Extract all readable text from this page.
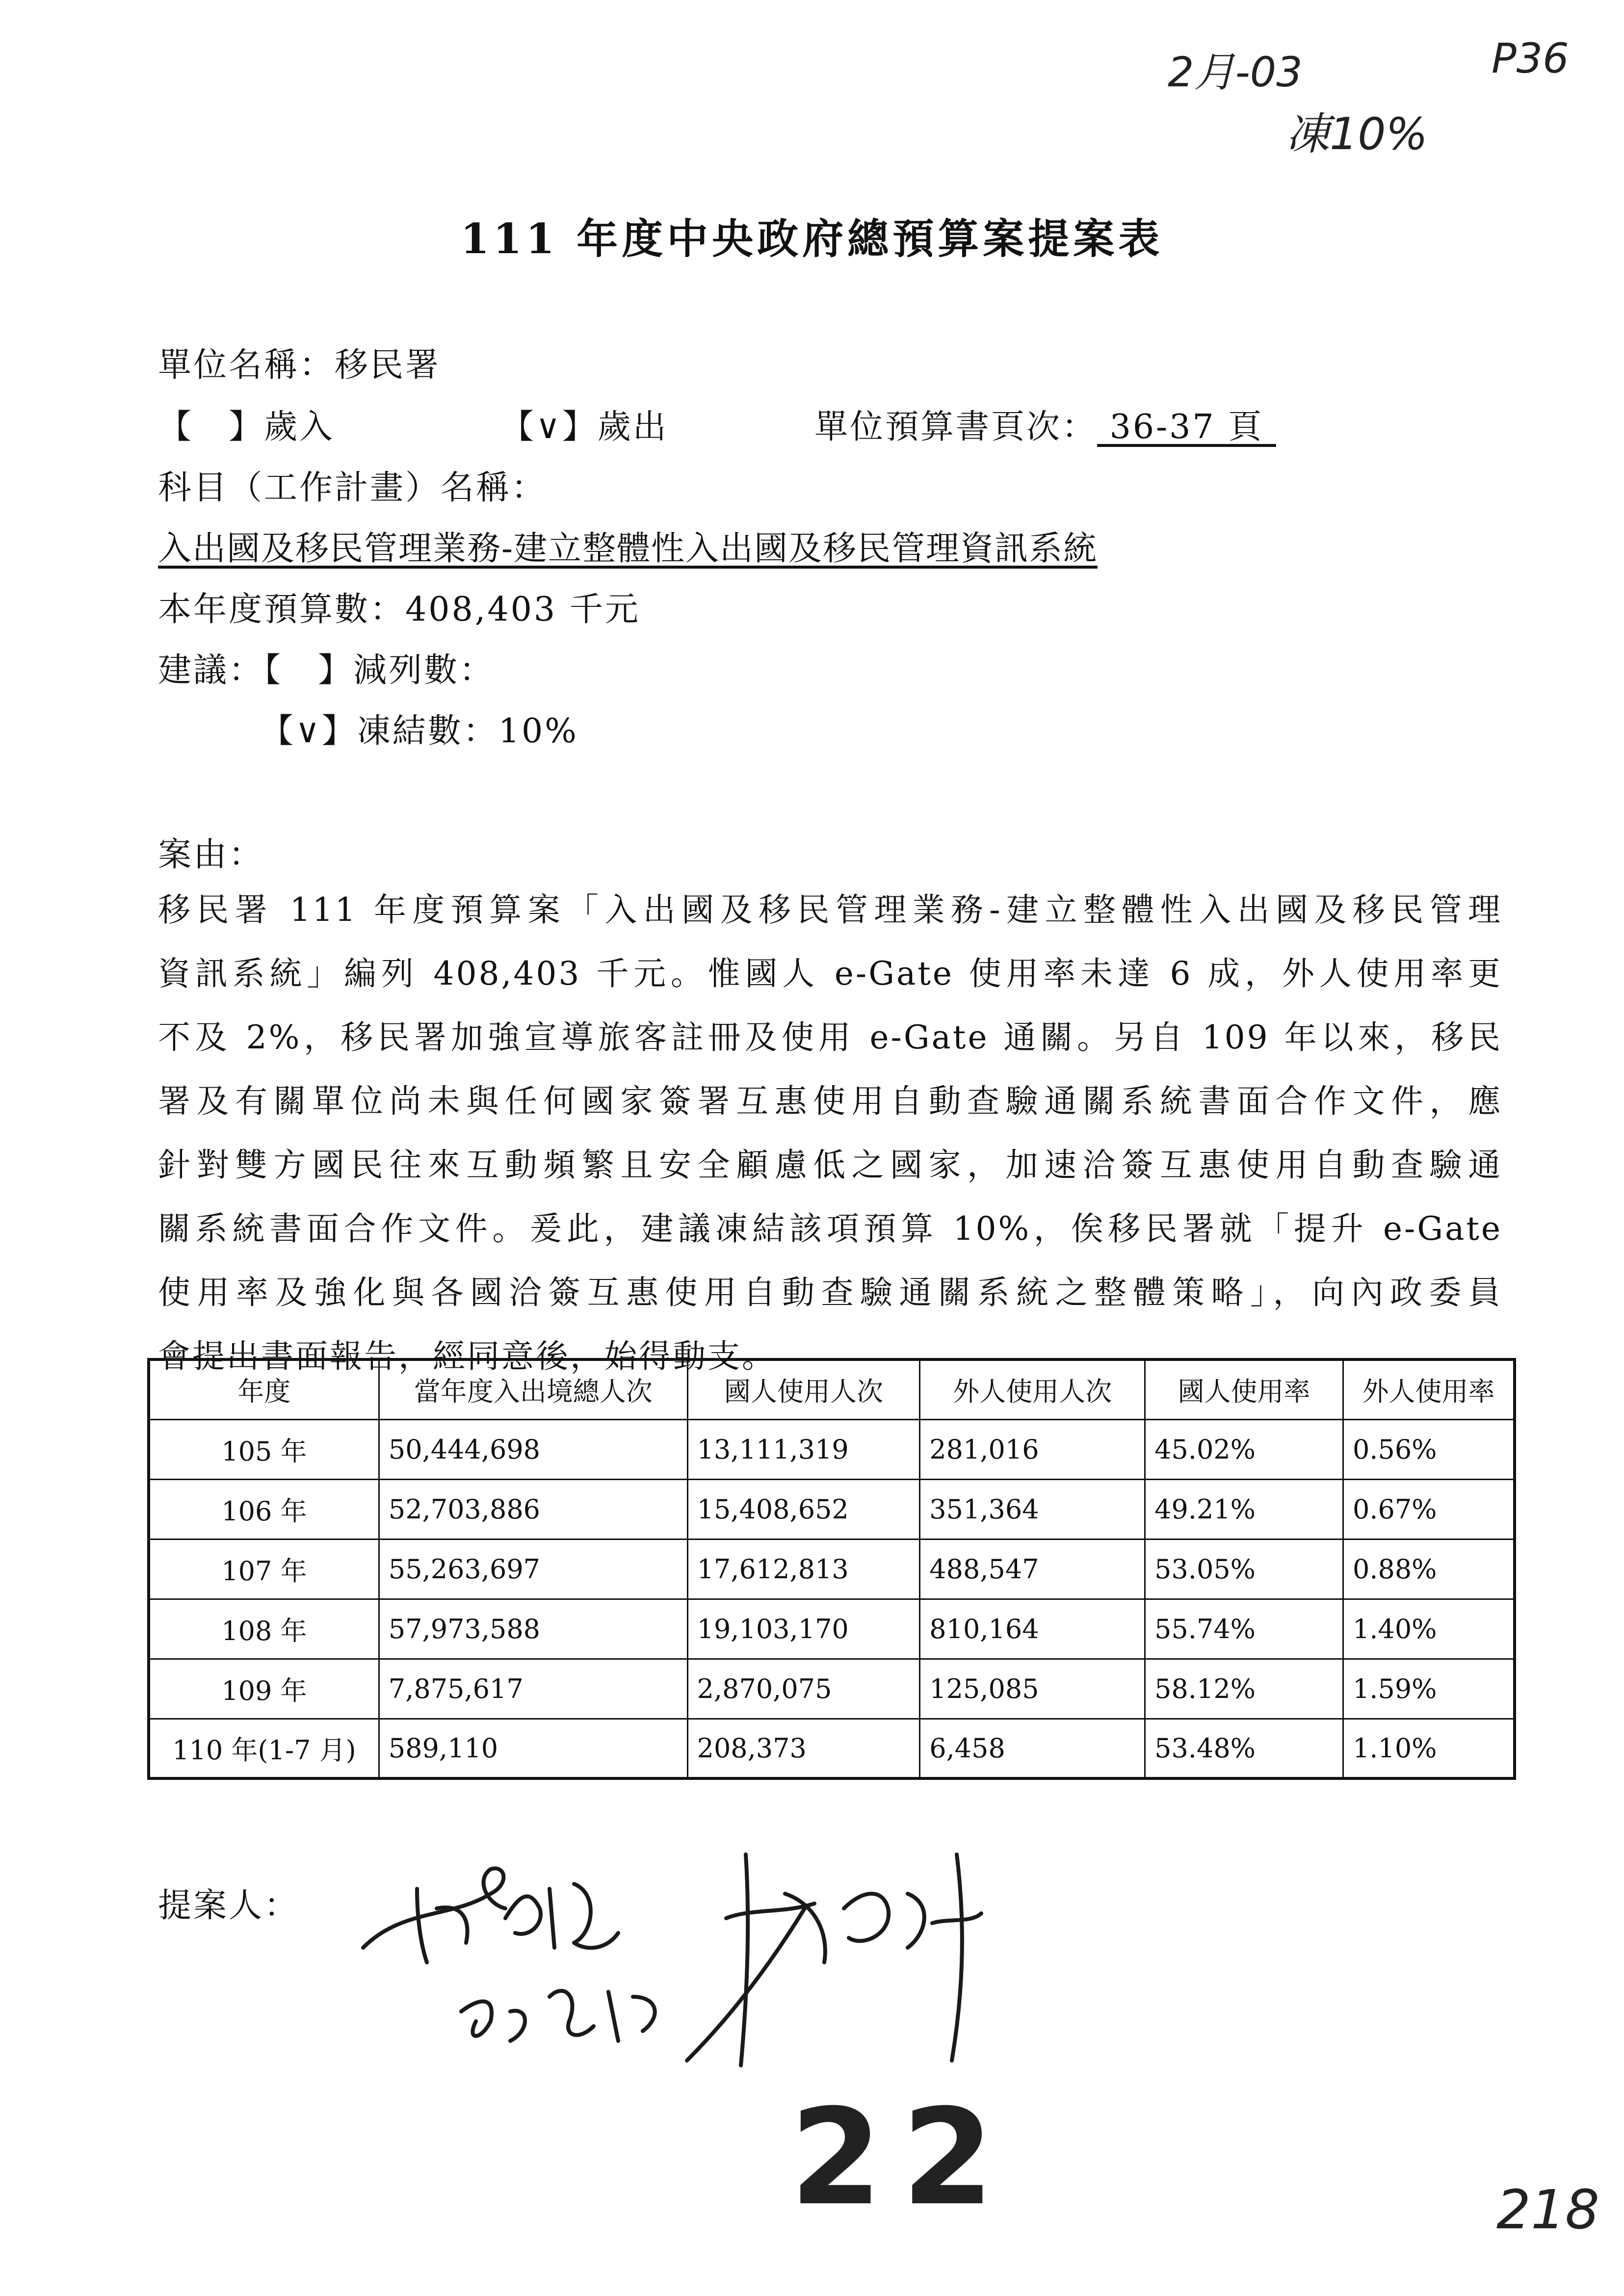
2月-03
凍10%
P36
111 年度中央政府總預算案提案表
單位名稱：移民署
【　】歲入	【∨】歲出	單位預算書頁次： 36-37 頁
科目（工作計畫）名稱：
入出國及移民管理業務-建立整體性入出國及移民管理資訊系統
本年度預算數：408,403 千元
建議：【　】減列數：
【∨】凍結數：10%
案由：
移民署 111 年度預算案「入出國及移民管理業務-建立整體性入出國及移民管理
資訊系統」編列 408,403 千元。惟國人 e-Gate 使用率未達 6 成，外人使用率更
不及 2%，移民署加強宣導旅客註冊及使用 e-Gate 通關。另自 109 年以來，移民
署及有關單位尚未與任何國家簽署互惠使用自動查驗通關系統書面合作文件，應
針對雙方國民往來互動頻繁且安全顧慮低之國家，加速洽簽互惠使用自動查驗通
關系統書面合作文件。爰此，建議凍結該項預算 10%，俟移民署就「提升 e-Gate
使用率及強化與各國洽簽互惠使用自動查驗通關系統之整體策略」，向內政委員
會提出書面報告，經同意後，始得動支。
年度	當年度入出境總人次	國人使用人次	外人使用人次	國人使用率	外人使用率
105 年	50,444,698	13,111,319	281,016	45.02%	0.56%
106 年	52,703,886	15,408,652	351,364	49.21%	0.67%
107 年	55,263,697	17,612,813	488,547	53.05%	0.88%
108 年	57,973,588	19,103,170	810,164	55.74%	1.40%
109 年	7,875,617	2,870,075	125,085	58.12%	1.59%
110 年(1-7 月)	589,110	208,373	6,458	53.48%	1.10%
提案人：
22	218
